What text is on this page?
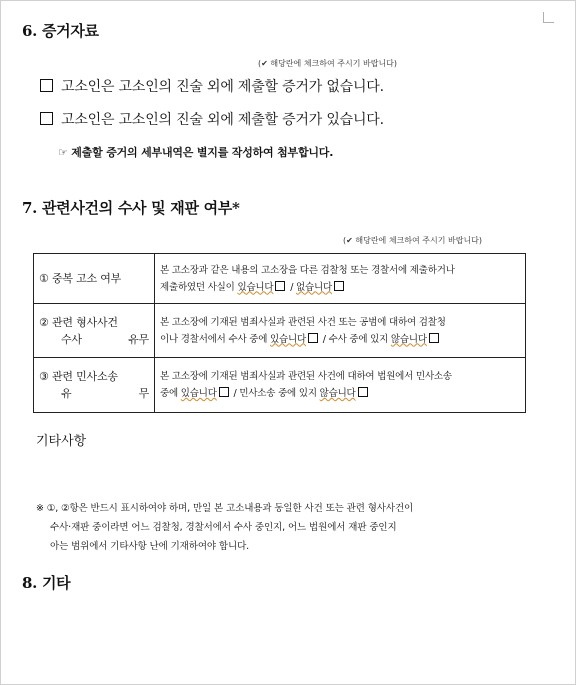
6. 증거자료
(✔ 해당란에 체크하여 주시기 바랍니다)
고소인은 고소인의 진술 외에 제출할 증거가 없습니다.
고소인은 고소인의 진술 외에 제출할 증거가 있습니다.
☞ 제출할 증거의 세부내역은 별지를 작성하여 첨부합니다.
7. 관련사건의 수사 및 재판 여부*
(✔ 해당란에 체크하여 주시기 바랍니다)
① 중복 고소 여부	본 고소장과 같은 내용의 고소장을 다른 검찰청 또는 경찰서에 제출하거나
제출하였던 사실이 있습니다 / 없습니다

② 관련 형사사건
수사 유무	본 고소장에 기재된 범죄사실과 관련된 사건 또는 공범에 대하여 검찰청
이나 경찰서에서 수사 중에 있습니다 / 수사 중에 있지 않습니다

③ 관련 민사소송
유 무	본 고소장에 기재된 범죄사실과 관련된 사건에 대하여 법원에서 민사소송
중에 있습니다 / 민사소송 중에 있지 않습니다
기타사항
※ ①, ②항은 반드시 표시하여야 하며, 만일 본 고소내용과 동일한 사건 또는 관련 형사사건이
수사·재판 중이라면 어느 검찰청, 경찰서에서 수사 중인지, 어느 법원에서 재판 중인지
아는 범위에서 기타사항 난에 기재하여야 합니다.
8. 기타
